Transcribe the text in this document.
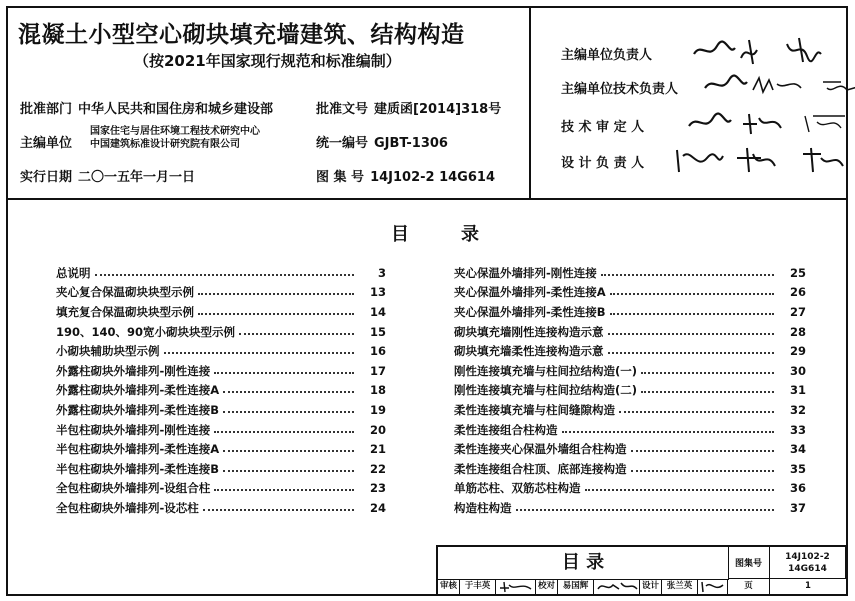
混凝土小型空心砌块填充墙建筑、结构构造
（按2021年国家现行规范和标准编制）
批准部门 中华人民共和国住房和城乡建设部	批准文号 建质函[2014]318号
主编单位
国家住宅与居住环境工程技术研究中心
中国建筑标准设计研究院有限公司	统一编号 GJBT-1306
实行日期 二〇一五年一月一日	图 集 号 14J102-2 14G614
主编单位负责人
主编单位技术负责人
技 术 审 定 人
设 计 负 责 人
目	录
总说明	3
夹心复合保温砌块块型示例	13
填充复合保温砌块块型示例	14
190、140、90宽小砌块块型示例	15
小砌块辅助块型示例	16
外露柱砌块外墙排列-刚性连接	17
外露柱砌块外墙排列-柔性连接A	18
外露柱砌块外墙排列-柔性连接B	19
半包柱砌块外墙排列-刚性连接	20
半包柱砌块外墙排列-柔性连接A	21
半包柱砌块外墙排列-柔性连接B	22
全包柱砌块外墙排列-设组合柱	23
全包柱砌块外墙排列-设芯柱	24
夹心保温外墙排列-刚性连接	25
夹心保温外墙排列-柔性连接A	26
夹心保温外墙排列-柔性连接B	27
砌块填充墙刚性连接构造示意	28
砌块填充墙柔性连接构造示意	29
刚性连接填充墙与柱间拉结构造(一)	30
刚性连接填充墙与柱间拉结构造(二)	31
柔性连接填充墙与柱间缝隙构造	32
柔性连接组合柱构造	33
柔性连接夹心保温外墙组合柱构造	34
柔性连接组合柱顶、底部连接构造	35
单筋芯柱、双筋芯柱构造	36
构造柱构造	37
目 录	图集号
14J102-2
14G614
审核 于丰英	校对 易国辉	设计 张兰英	页	1
